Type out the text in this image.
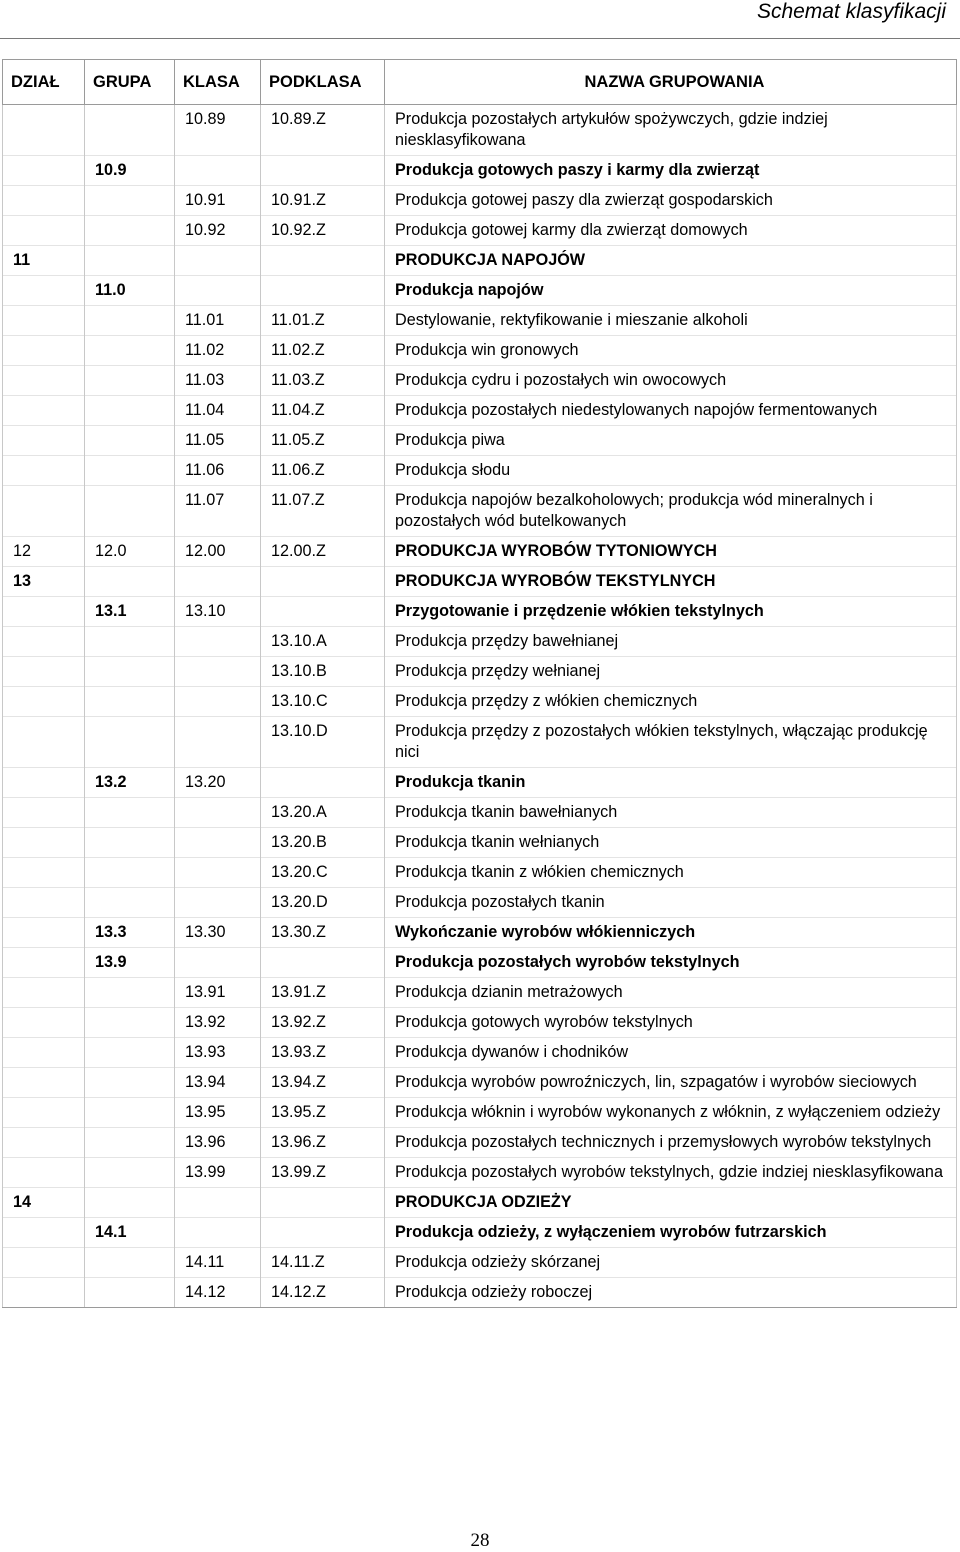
Schemat klasyfikacji
DZIAŁ	GRUPA	KLASA	PODKLASA	NAZWA GRUPOWANIA
		10.89	10.89.Z	Produkcja pozostałych artykułów spożywczych, gdzie indziej niesklasyfikowana
	10.9			Produkcja gotowych paszy i karmy dla zwierząt
		10.91	10.91.Z	Produkcja gotowej paszy dla zwierząt gospodarskich
		10.92	10.92.Z	Produkcja gotowej karmy dla zwierząt domowych
11				PRODUKCJA NAPOJÓW
	11.0			Produkcja napojów
		11.01	11.01.Z	Destylowanie, rektyfikowanie i mieszanie alkoholi
		11.02	11.02.Z	Produkcja win gronowych
		11.03	11.03.Z	Produkcja cydru i pozostałych win owocowych
		11.04	11.04.Z	Produkcja pozostałych niedestylowanych napojów fermentowanych
		11.05	11.05.Z	Produkcja piwa
		11.06	11.06.Z	Produkcja słodu
		11.07	11.07.Z	Produkcja napojów bezalkoholowych; produkcja wód mineralnych i pozostałych wód butelkowanych
12	12.0	12.00	12.00.Z	PRODUKCJA WYROBÓW TYTONIOWYCH
13				PRODUKCJA WYROBÓW TEKSTYLNYCH
	13.1	13.10		Przygotowanie i przędzenie włókien tekstylnych
			13.10.A	Produkcja przędzy bawełnianej
			13.10.B	Produkcja przędzy wełnianej
			13.10.C	Produkcja przędzy z włókien chemicznych
			13.10.D	Produkcja przędzy z pozostałych włókien tekstylnych, włączając produkcję nici
	13.2	13.20		Produkcja tkanin
			13.20.A	Produkcja tkanin bawełnianych
			13.20.B	Produkcja tkanin wełnianych
			13.20.C	Produkcja tkanin z włókien chemicznych
			13.20.D	Produkcja pozostałych tkanin
	13.3	13.30	13.30.Z	Wykończanie wyrobów włókienniczych
	13.9			Produkcja pozostałych wyrobów tekstylnych
		13.91	13.91.Z	Produkcja dzianin metrażowych
		13.92	13.92.Z	Produkcja gotowych wyrobów tekstylnych
		13.93	13.93.Z	Produkcja dywanów i chodników
		13.94	13.94.Z	Produkcja wyrobów powroźniczych, lin, szpagatów i wyrobów sieciowych
		13.95	13.95.Z	Produkcja włóknin i wyrobów wykonanych z włóknin, z wyłączeniem odzieży
		13.96	13.96.Z	Produkcja pozostałych technicznych i przemysłowych wyrobów tekstylnych
		13.99	13.99.Z	Produkcja pozostałych wyrobów tekstylnych, gdzie indziej niesklasyfikowana
14				PRODUKCJA ODZIEŻY
	14.1			Produkcja odzieży, z wyłączeniem wyrobów futrzarskich
		14.11	14.11.Z	Produkcja odzieży skórzanej
		14.12	14.12.Z	Produkcja odzieży roboczej
28
